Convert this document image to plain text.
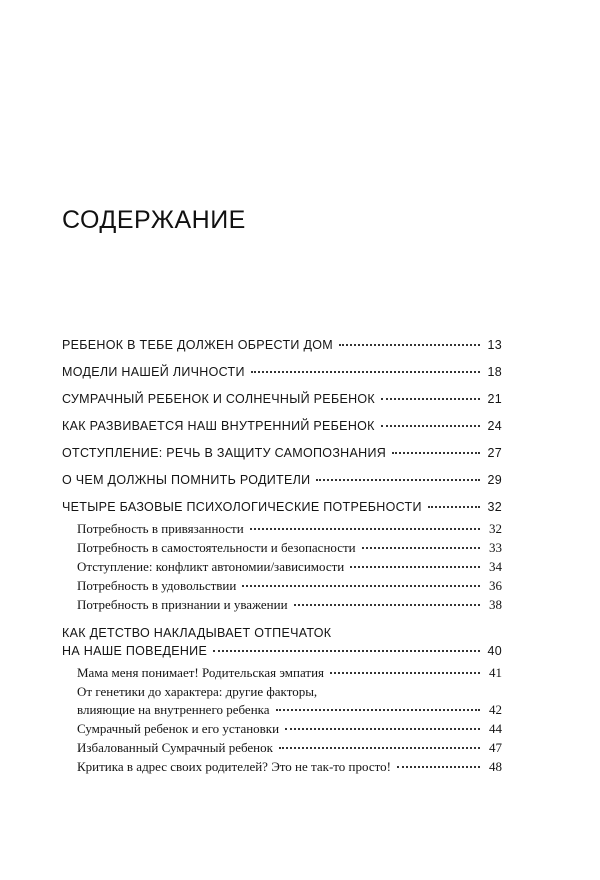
СОДЕРЖАНИЕ
РЕБЕНОК В ТЕБЕ ДОЛЖЕН ОБРЕСТИ ДОМ	13
МОДЕЛИ НАШЕЙ ЛИЧНОСТИ	18
СУМРАЧНЫЙ РЕБЕНОК И СОЛНЕЧНЫЙ РЕБЕНОК	21
КАК РАЗВИВАЕТСЯ НАШ ВНУТРЕННИЙ РЕБЕНОК	24
ОТСТУПЛЕНИЕ: РЕЧЬ В ЗАЩИТУ САМОПОЗНАНИЯ	27
О ЧЕМ ДОЛЖНЫ ПОМНИТЬ РОДИТЕЛИ	29
ЧЕТЫРЕ БАЗОВЫЕ ПСИХОЛОГИЧЕСКИЕ ПОТРЕБНОСТИ	32
Потребность в привязанности	32
Потребность в самостоятельности и безопасности	33
Отступление: конфликт автономии/зависимости	34
Потребность в удовольствии	36
Потребность в признании и уважении	38
КАК ДЕТСТВО НАКЛАДЫВАЕТ ОТПЕЧАТОК
НА НАШЕ ПОВЕДЕНИЕ	40
Мама меня понимает! Родительская эмпатия	41
От генетики до характера: другие факторы,
влияющие на внутреннего ребенка	42
Сумрачный ребенок и его установки	44
Избалованный Сумрачный ребенок	47
Критика в адрес своих родителей? Это не так-то просто!	48
